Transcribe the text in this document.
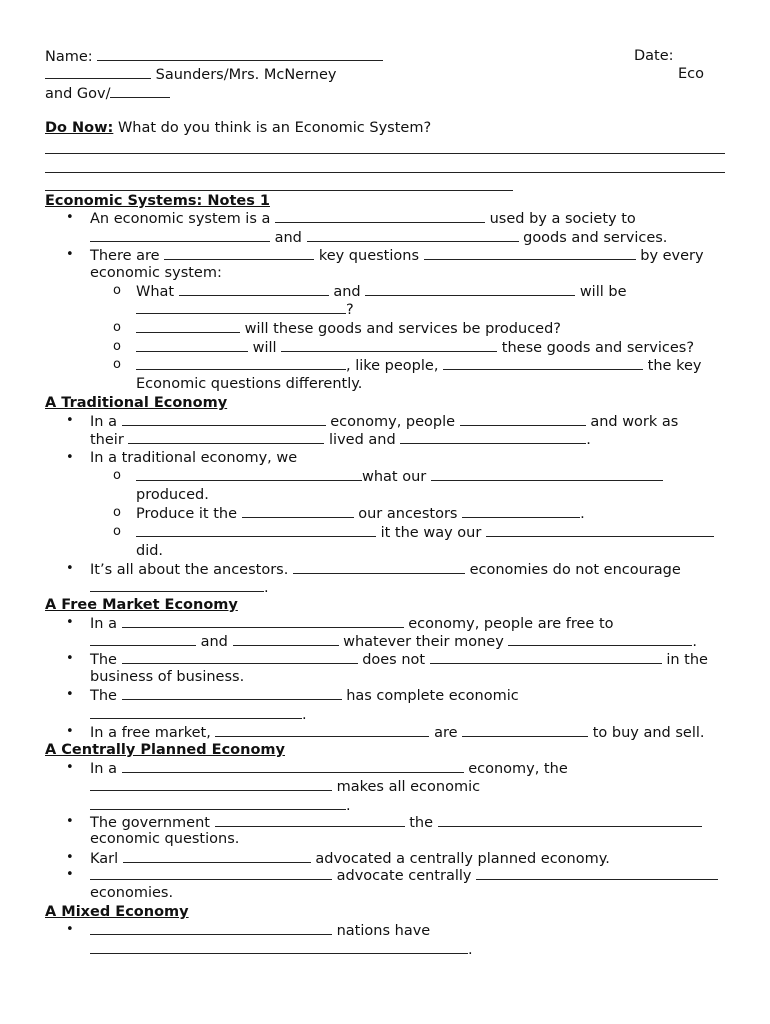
Name:	Date:
Saunders/Mrs. McNerney	Eco
and Gov/
Do Now: What do you think is an Economic System?
Economic Systems: Notes 1
• An economic system is a	used by a society to
and	goods and services.
• There are	key questions	by every
economic system:
o What	and	will be
?
o	will these goods and services be produced?
o	will	these goods and services?
o	, like people,	the key
Economic questions differently.
A Traditional Economy
• In a	economy, people	and work as
their	lived and	.
• In a traditional economy, we
o	what our
produced.
o Produce it the	our ancestors	.
o	it the way our
did.
• It’s all about the ancestors.	economies do not encourage
.
A Free Market Economy
• In a	economy, people are free to
and	whatever their money	.
• The	does not	in the
business of business.
• The	has complete economic
.
• In a free market,	are	to buy and sell.
A Centrally Planned Economy
• In a	economy, the
makes all economic
.
• The government	the
economic questions.
• Karl	advocated a centrally planned economy.
•	advocate centrally
economies.
A Mixed Economy
•	nations have
.
